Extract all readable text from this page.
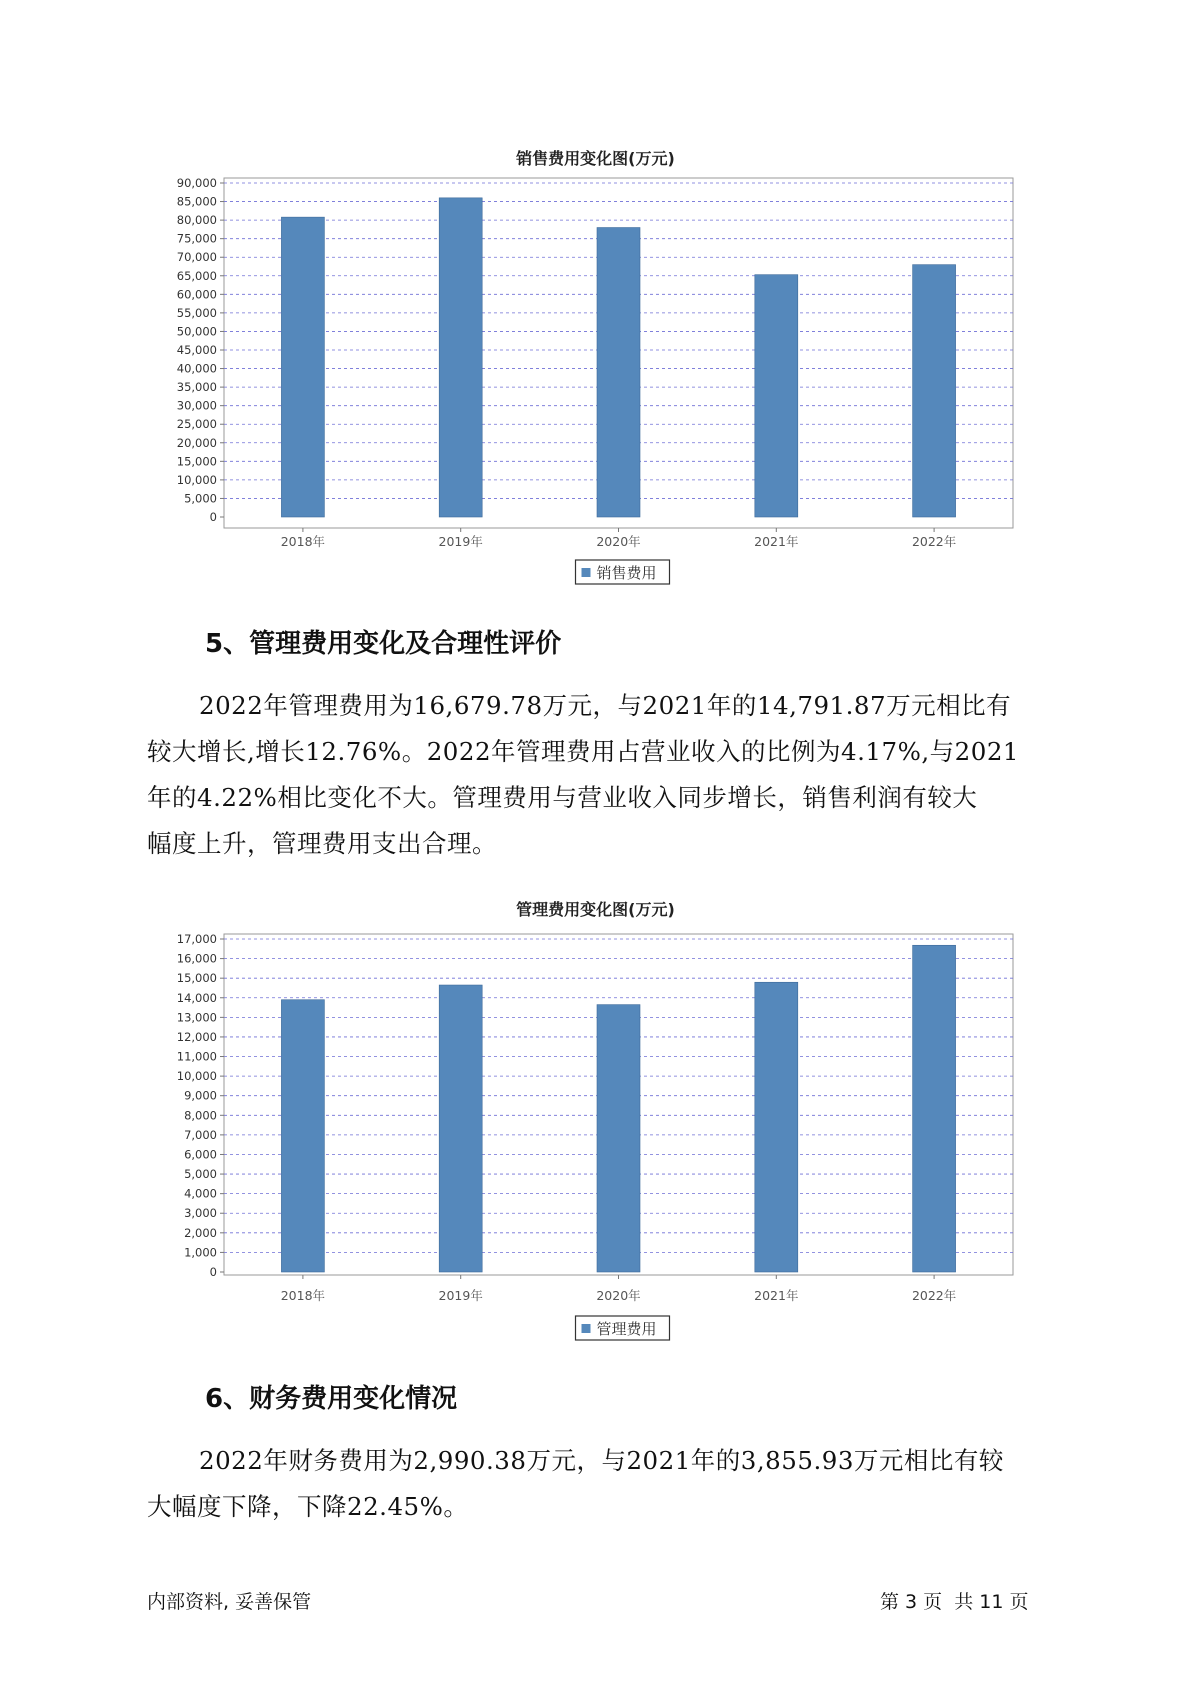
销售费用变化图(万元)
0
5,000
10,000
15,000
20,000
25,000
30,000
35,000
40,000
45,000
50,000
55,000
60,000
65,000
70,000
75,000
80,000
85,000
90,000
2018年	2019年	2020年	2021年	2022年
销售费用
5、管理费用变化及合理性评价
2022年管理费用为16,679.78万元，与2021年的14,791.87万元相比有
较大增长,增长12.76%。2022年管理费用占营业收入的比例为4.17%,与2021
年的4.22%相比变化不大。管理费用与营业收入同步增长，销售利润有较大
幅度上升，管理费用支出合理。
管理费用变化图(万元)
0
1,000
2,000
3,000
4,000
5,000
6,000
7,000
8,000
9,000
10,000
11,000
12,000
13,000
14,000
15,000
16,000
17,000
2018年	2019年	2020年	2021年	2022年
管理费用
6、财务费用变化情况
2022年财务费用为2,990.38万元，与2021年的3,855.93万元相比有较
大幅度下降，下降22.45%。
内部资料, 妥善保管	第 3 页  共 11 页
